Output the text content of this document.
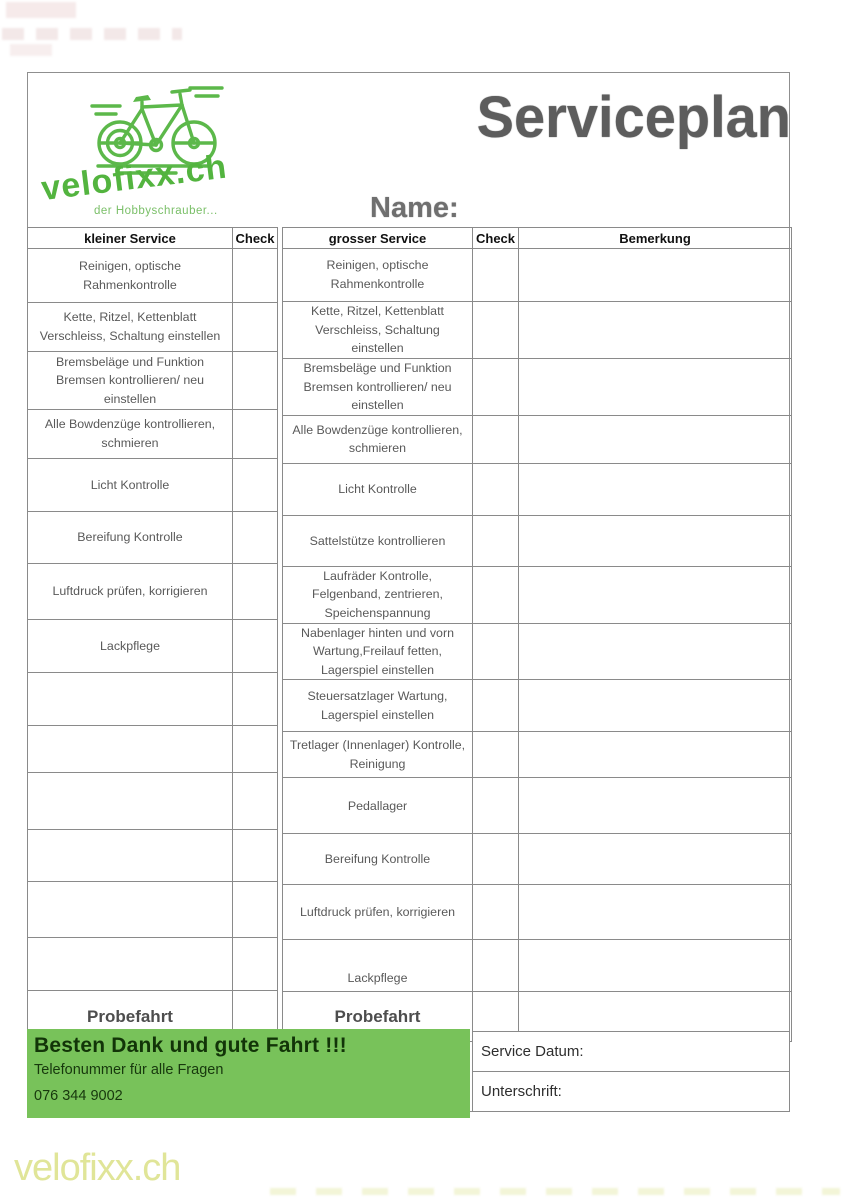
velofixx.ch
der Hobbyschrauber...
Serviceplan
Name:
kleiner Service	Check
Reinigen, optische Rahmenkontrolle	
Kette, Ritzel, Kettenblatt Verschleiss, Schaltung einstellen	
Bremsbeläge und Funktion Bremsen kontrollieren/ neu einstellen	
Alle Bowdenzüge kontrollieren, schmieren	
Licht Kontrolle	
Bereifung Kontrolle	
Luftdruck prüfen, korrigieren	
Lackpflege	

Probefahrt	
grosser Service	Check	Bemerkung
Reinigen, optische Rahmenkontrolle		
Kette, Ritzel, Kettenblatt Verschleiss, Schaltung einstellen		
Bremsbeläge und Funktion Bremsen kontrollieren/ neu einstellen		
Alle Bowdenzüge kontrollieren, schmieren		
Licht Kontrolle		
Sattelstütze kontrollieren		
Laufräder Kontrolle, Felgenband, zentrieren, Speichenspannung		
Nabenlager hinten und vorn Wartung,Freilauf fetten, Lagerspiel einstellen		
Steuersatzlager Wartung, Lagerspiel einstellen		
Tretlager (Innenlager) Kontrolle, Reinigung		
Pedallager		
Bereifung Kontrolle		
Luftdruck prüfen, korrigieren		
Lackpflege		
Probefahrt		
Besten Dank und gute Fahrt !!!
Telefonummer für alle Fragen
076 344 9002
Service Datum:
Unterschrift:
velofixx.ch
